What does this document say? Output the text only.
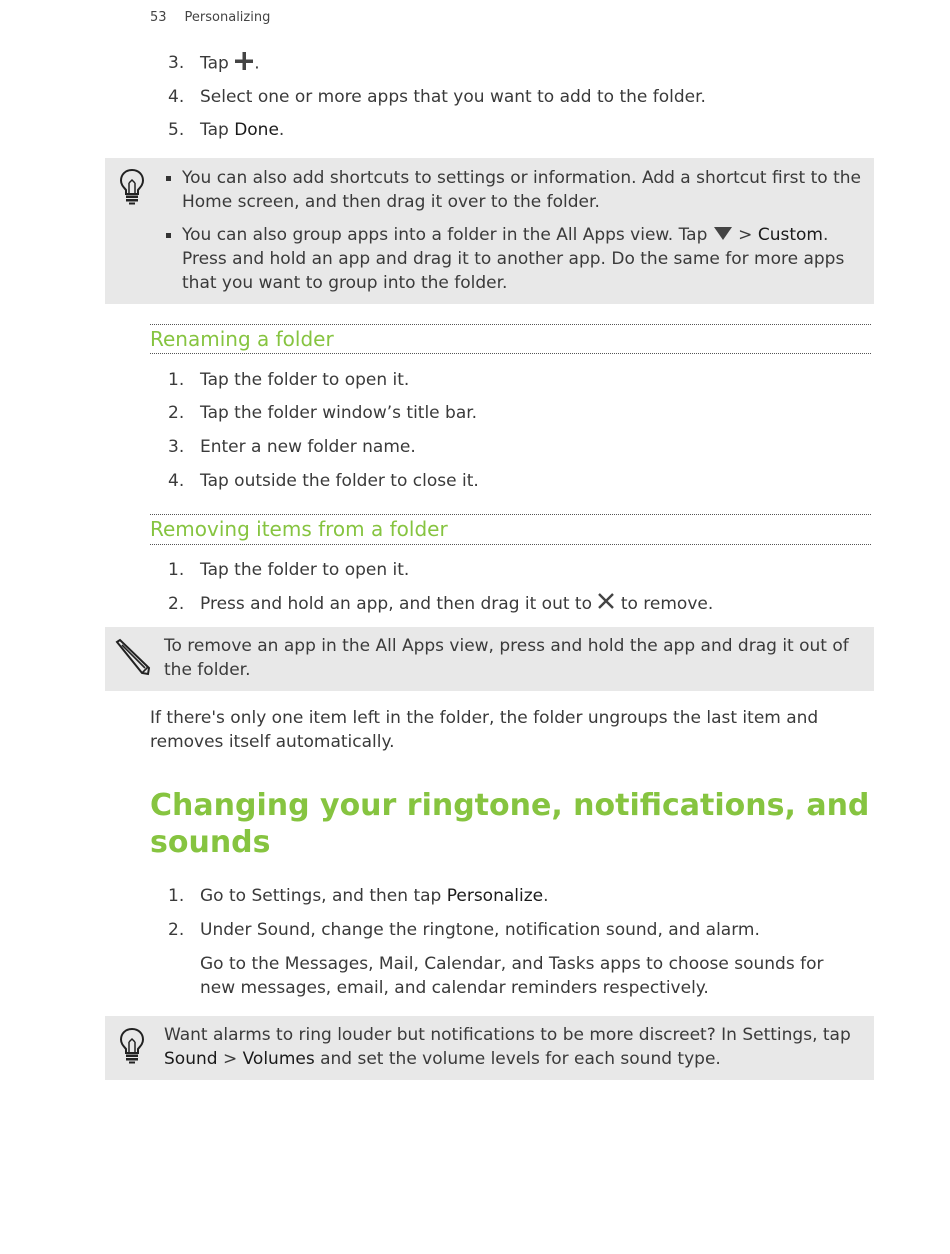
53 Personalizing
3. Tap .
4. Select one or more apps that you want to add to the folder.
5. Tap Done.
You can also add shortcuts to settings or information. Add a shortcut first to the Home screen, and then drag it over to the folder.
You can also group apps into a folder in the All Apps view. Tap  > Custom. Press and hold an app and drag it to another app. Do the same for more apps that you want to group into the folder.
Renaming a folder
1. Tap the folder to open it.
2. Tap the folder window’s title bar.
3. Enter a new folder name.
4. Tap outside the folder to close it.
Removing items from a folder
1. Tap the folder to open it.
2. Press and hold an app, and then drag it out to to remove.

To remove an app in the All Apps view, press and hold the app and drag it out of the folder.

If there's only one item left in the folder, the folder ungroups the last item and removes itself automatically.

Changing your ringtone, notifications, and sounds
1. Go to Settings, and then tap Personalize.
2. Under Sound, change the ringtone, notification sound, and alarm.
Go to the Messages, Mail, Calendar, and Tasks apps to choose sounds for new messages, email, and calendar reminders respectively.

Want alarms to ring louder but notifications to be more discreet? In Settings, tap Sound > Volumes and set the volume levels for each sound type.
